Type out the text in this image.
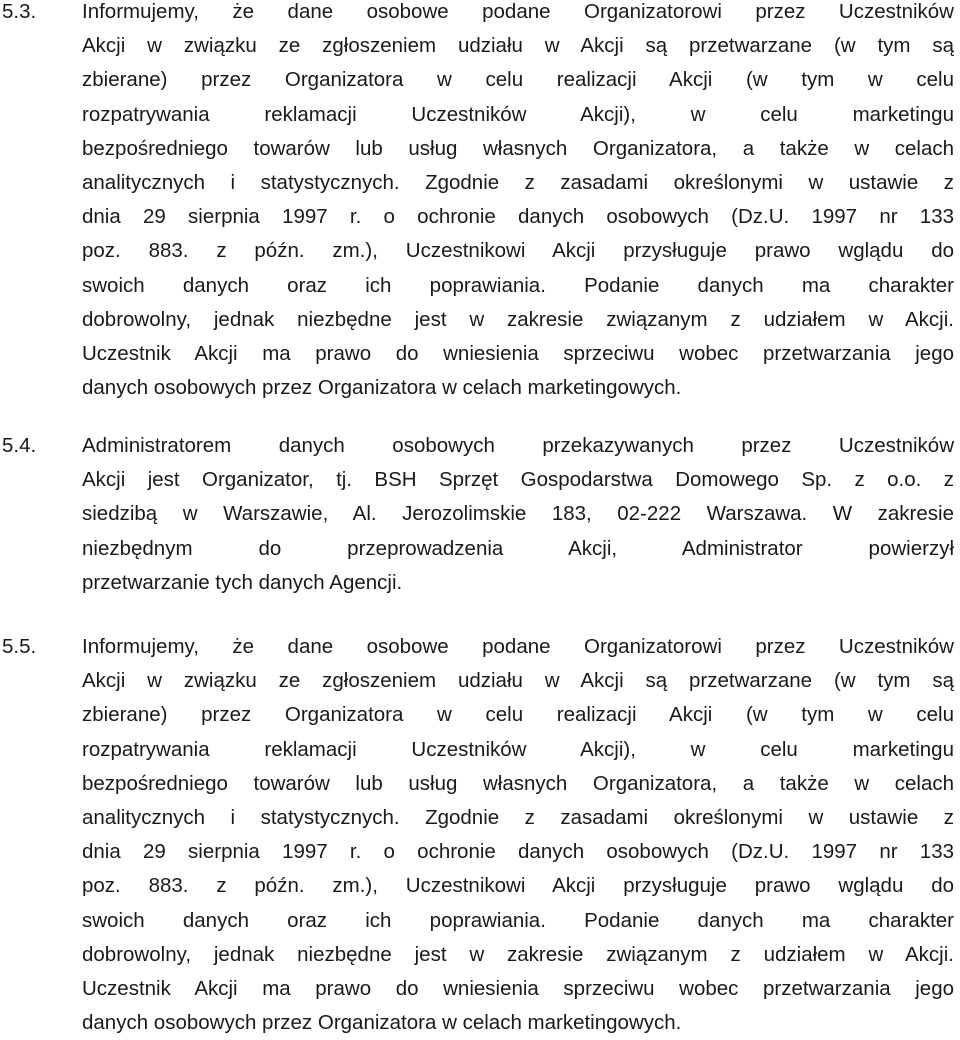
5.3. Informujemy, że dane osobowe podane Organizatorowi przez Uczestników
Akcji w związku ze zgłoszeniem udziału w Akcji są przetwarzane (w tym są
zbierane) przez Organizatora w celu realizacji Akcji (w tym w celu
rozpatrywania reklamacji Uczestników Akcji), w celu marketingu
bezpośredniego towarów lub usług własnych Organizatora, a także w celach
analitycznych i statystycznych. Zgodnie z zasadami określonymi w ustawie z
dnia 29 sierpnia 1997 r. o ochronie danych osobowych (Dz.U. 1997 nr 133
poz. 883. z późn. zm.), Uczestnikowi Akcji przysługuje prawo wglądu do
swoich danych oraz ich poprawiania. Podanie danych ma charakter
dobrowolny, jednak niezbędne jest w zakresie związanym z udziałem w Akcji.
Uczestnik Akcji ma prawo do wniesienia sprzeciwu wobec przetwarzania jego
danych osobowych przez Organizatora w celach marketingowych.
5.4. Administratorem danych osobowych przekazywanych przez Uczestników
Akcji jest Organizator, tj. BSH Sprzęt Gospodarstwa Domowego Sp. z o.o. z
siedzibą w Warszawie, Al. Jerozolimskie 183, 02-222 Warszawa. W zakresie
niezbędnym do przeprowadzenia Akcji, Administrator powierzył
przetwarzanie tych danych Agencji.
5.5. Informujemy, że dane osobowe podane Organizatorowi przez Uczestników
Akcji w związku ze zgłoszeniem udziału w Akcji są przetwarzane (w tym są
zbierane) przez Organizatora w celu realizacji Akcji (w tym w celu
rozpatrywania reklamacji Uczestników Akcji), w celu marketingu
bezpośredniego towarów lub usług własnych Organizatora, a także w celach
analitycznych i statystycznych. Zgodnie z zasadami określonymi w ustawie z
dnia 29 sierpnia 1997 r. o ochronie danych osobowych (Dz.U. 1997 nr 133
poz. 883. z późn. zm.), Uczestnikowi Akcji przysługuje prawo wglądu do
swoich danych oraz ich poprawiania. Podanie danych ma charakter
dobrowolny, jednak niezbędne jest w zakresie związanym z udziałem w Akcji.
Uczestnik Akcji ma prawo do wniesienia sprzeciwu wobec przetwarzania jego
danych osobowych przez Organizatora w celach marketingowych.
